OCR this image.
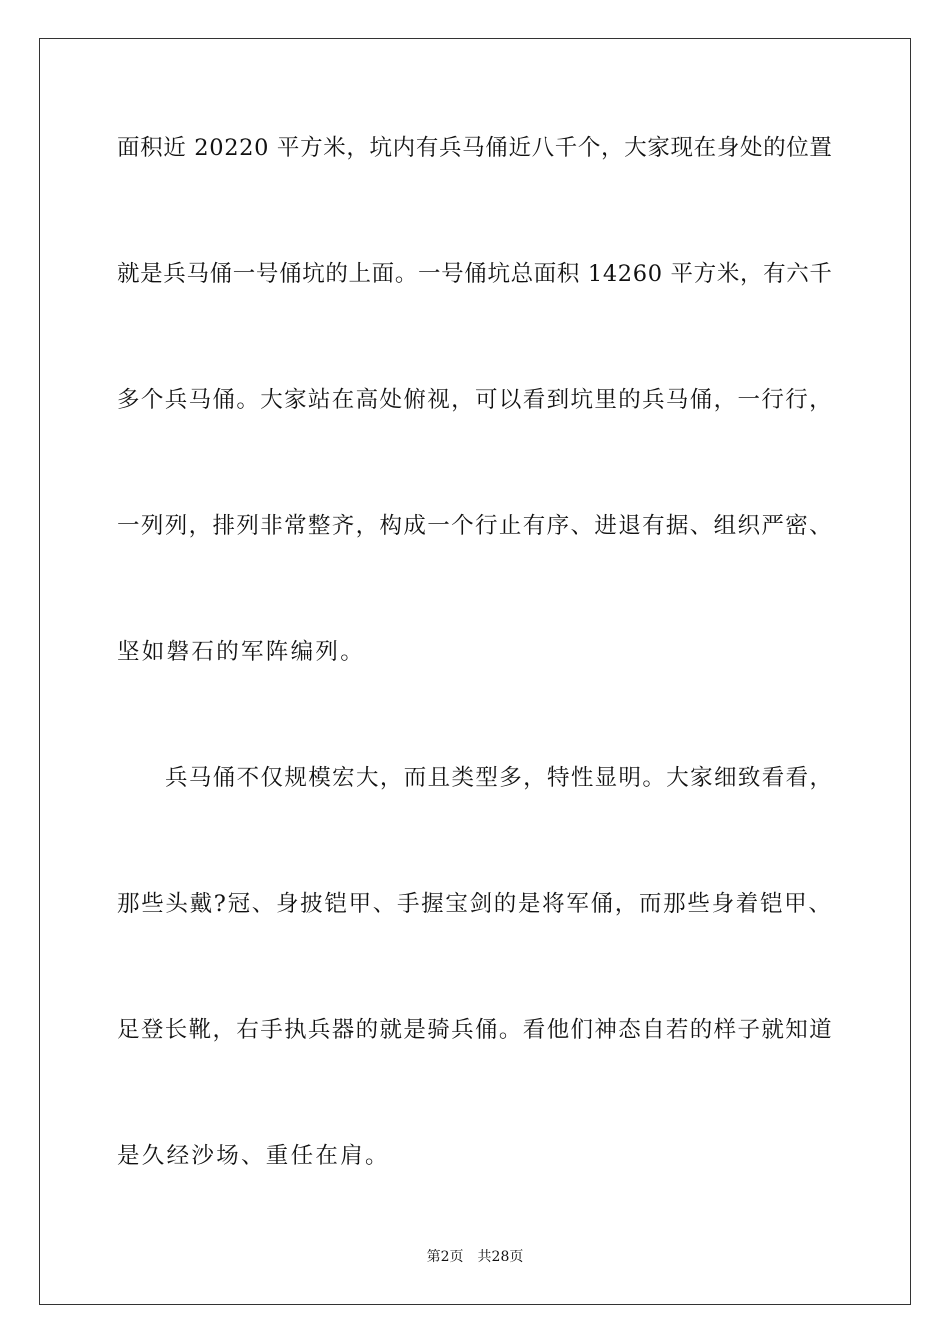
面积近 20220 平方米，坑内有兵马俑近八千个，大家现在身处的位置
就是兵马俑一号俑坑的上面。一号俑坑总面积 14260 平方米，有六千
多个兵马俑。大家站在高处俯视，可以看到坑里的兵马俑，一行行，
一列列，排列非常整齐，构成一个行止有序、进退有据、组织严密、
坚如磐石的军阵编列。
兵马俑不仅规模宏大，而且类型多，特性显明。大家细致看看，
那些头戴?冠、身披铠甲、手握宝剑的是将军俑，而那些身着铠甲、
足登长靴，右手执兵器的就是骑兵俑。看他们神态自若的样子就知道
是久经沙场、重任在肩。
第2页 共28页
